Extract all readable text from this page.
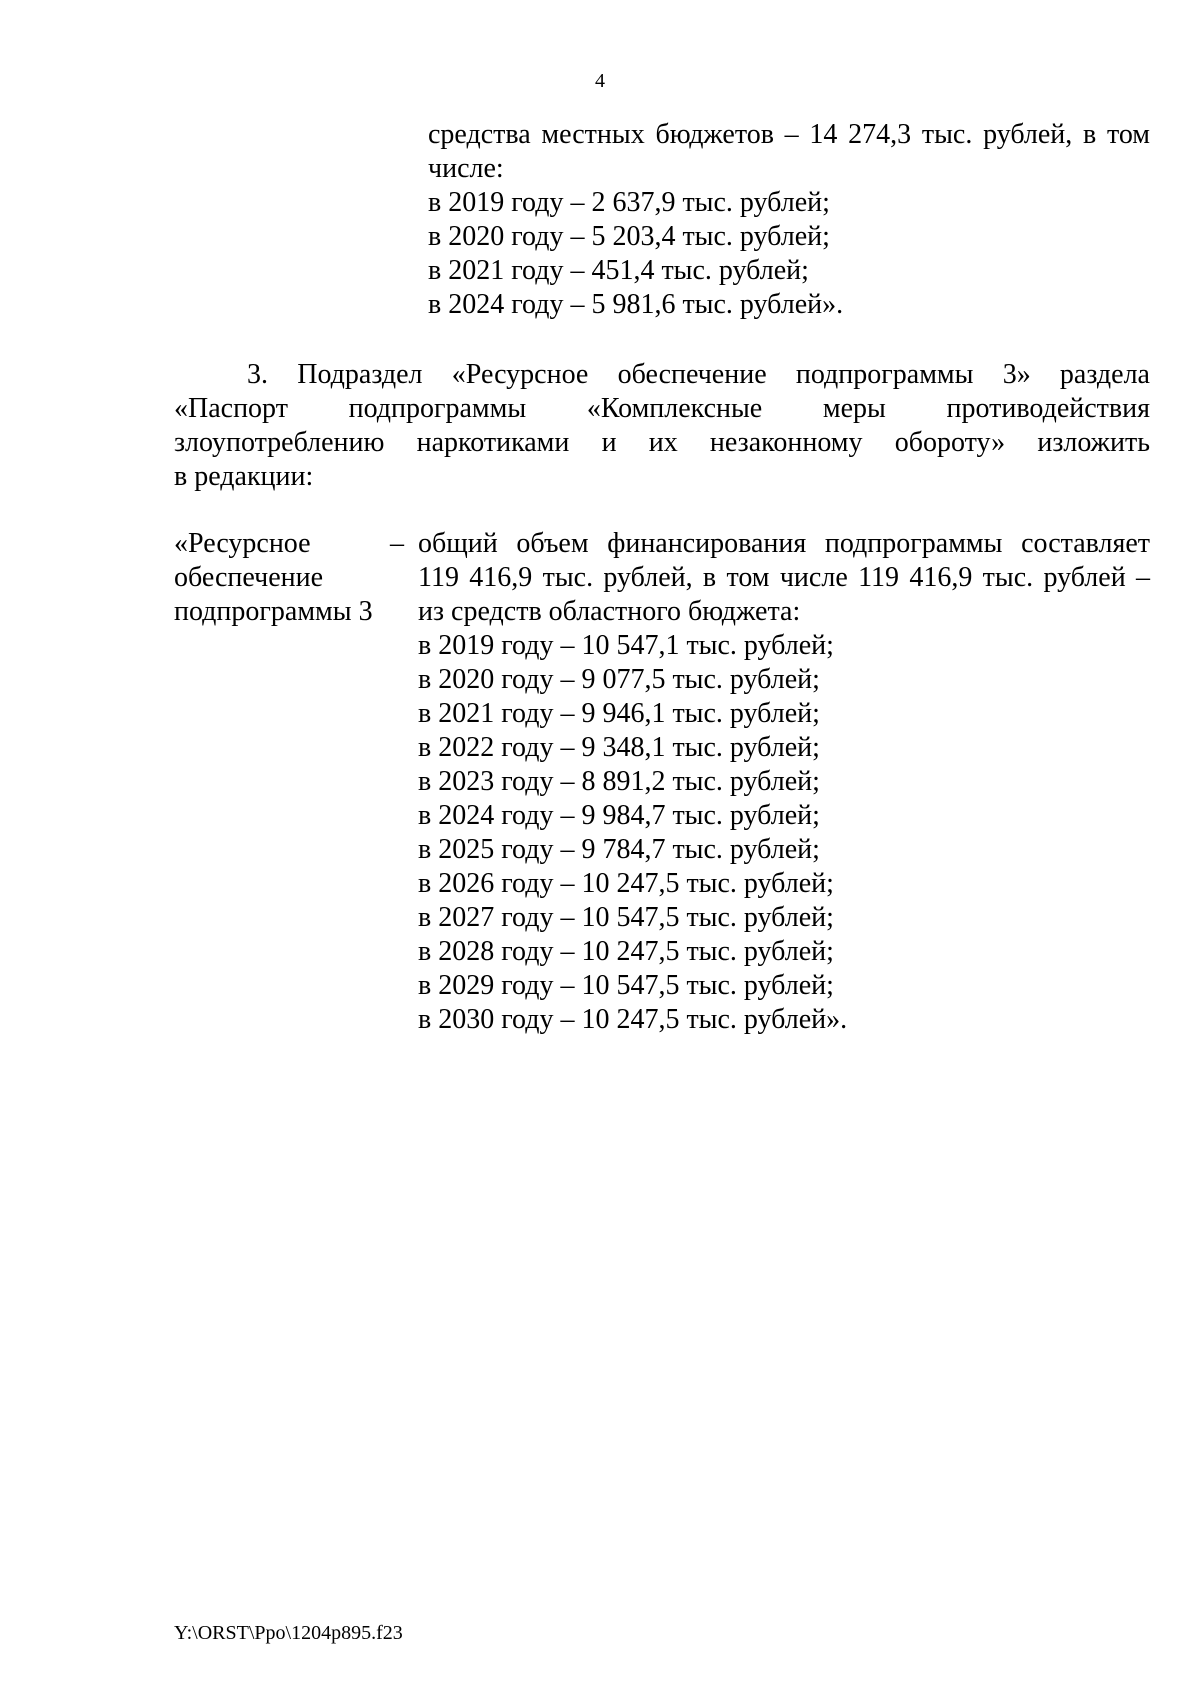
4

средства местных бюджетов – 14 274,3 тыс. рублей, в том

числе:

в 2019 году – 2 637,9 тыс. рублей;

в 2020 году – 5 203,4 тыс. рублей;

в 2021 году – 451,4 тыс. рублей;

в 2024 году – 5 981,6 тыс. рублей».

3. Подраздел «Ресурсное обеспечение подпрограммы 3» раздела
«Паспорт подпрограммы «Комплексные меры противодействия
злоупотреблению наркотиками и их незаконному обороту» изложить
в редакции:
«Ресурсное
обеспечение
подпрограммы 3
– общий объем финансирования подпрограммы составляет
119 416,9 тыс. рублей, в том числе 119 416,9 тыс. рублей –
из средств областного бюджета:
в 2019 году – 10 547,1 тыс. рублей;
в 2020 году – 9 077,5 тыс. рублей;
в 2021 году – 9 946,1 тыс. рублей;
в 2022 году – 9 348,1 тыс. рублей;
в 2023 году – 8 891,2 тыс. рублей;
в 2024 году – 9 984,7 тыс. рублей;
в 2025 году – 9 784,7 тыс. рублей;
в 2026 году – 10 247,5 тыс. рублей;
в 2027 году – 10 547,5 тыс. рублей;
в 2028 году – 10 247,5 тыс. рублей;
в 2029 году – 10 547,5 тыс. рублей;
в 2030 году – 10 247,5 тыс. рублей».
Y:\ORST\Ppo\1204p895.f23
